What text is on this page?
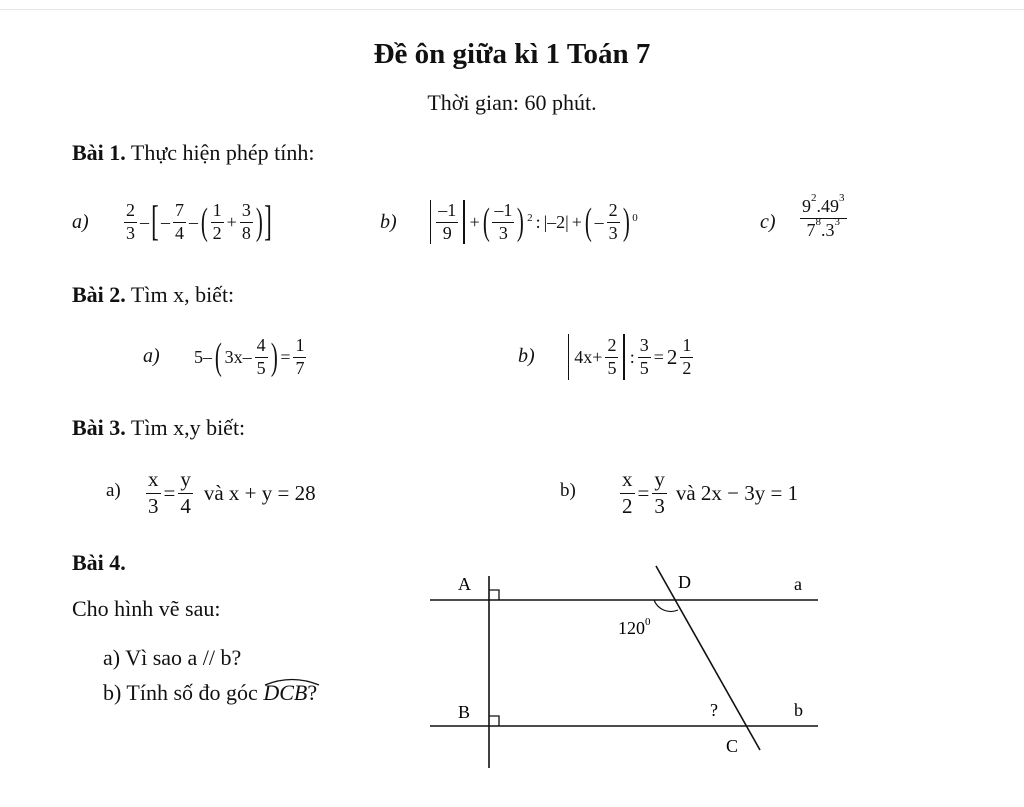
Đề ôn giữa kì 1 Toán 7
Thời gian: 60 phút.
Bài 1. Thực hiện phép tính:
$a) \frac{2}{3}$ – [ – $\frac{7}{4}$ – ( $\frac{1}{2} + \frac{3}{8}$ ) ]	$b) \frac{-1}{9}$ + ( $\frac{-1}{3}$ ) 2 : |–2| + ( – $\frac{2}{3}$ ) 0	$c) \frac{9^2.49^3}{7^8.3^3}$
Bài 2. Tìm x, biết:
a) 5– ( $3x- \frac{4}{5}$ ) = $\frac{1}{7}$	b) $4x+ \frac{2}{5}$ : $\frac{3}{5} = 2 \frac{1}{2}$
Bài 3. Tìm x,y biết:
$a) \frac{x}{3} = \frac{y}{4}$ và x + y = 28	$b) \frac{x}{2} = \frac{y}{3}$ và 2x − 3y = 1
Bài 4.
Cho hình vẽ sau:
a) Vì sao a // b?
b) Tính số đo góc DCB?
A
B
D
C
a
b
$120^0$
?
